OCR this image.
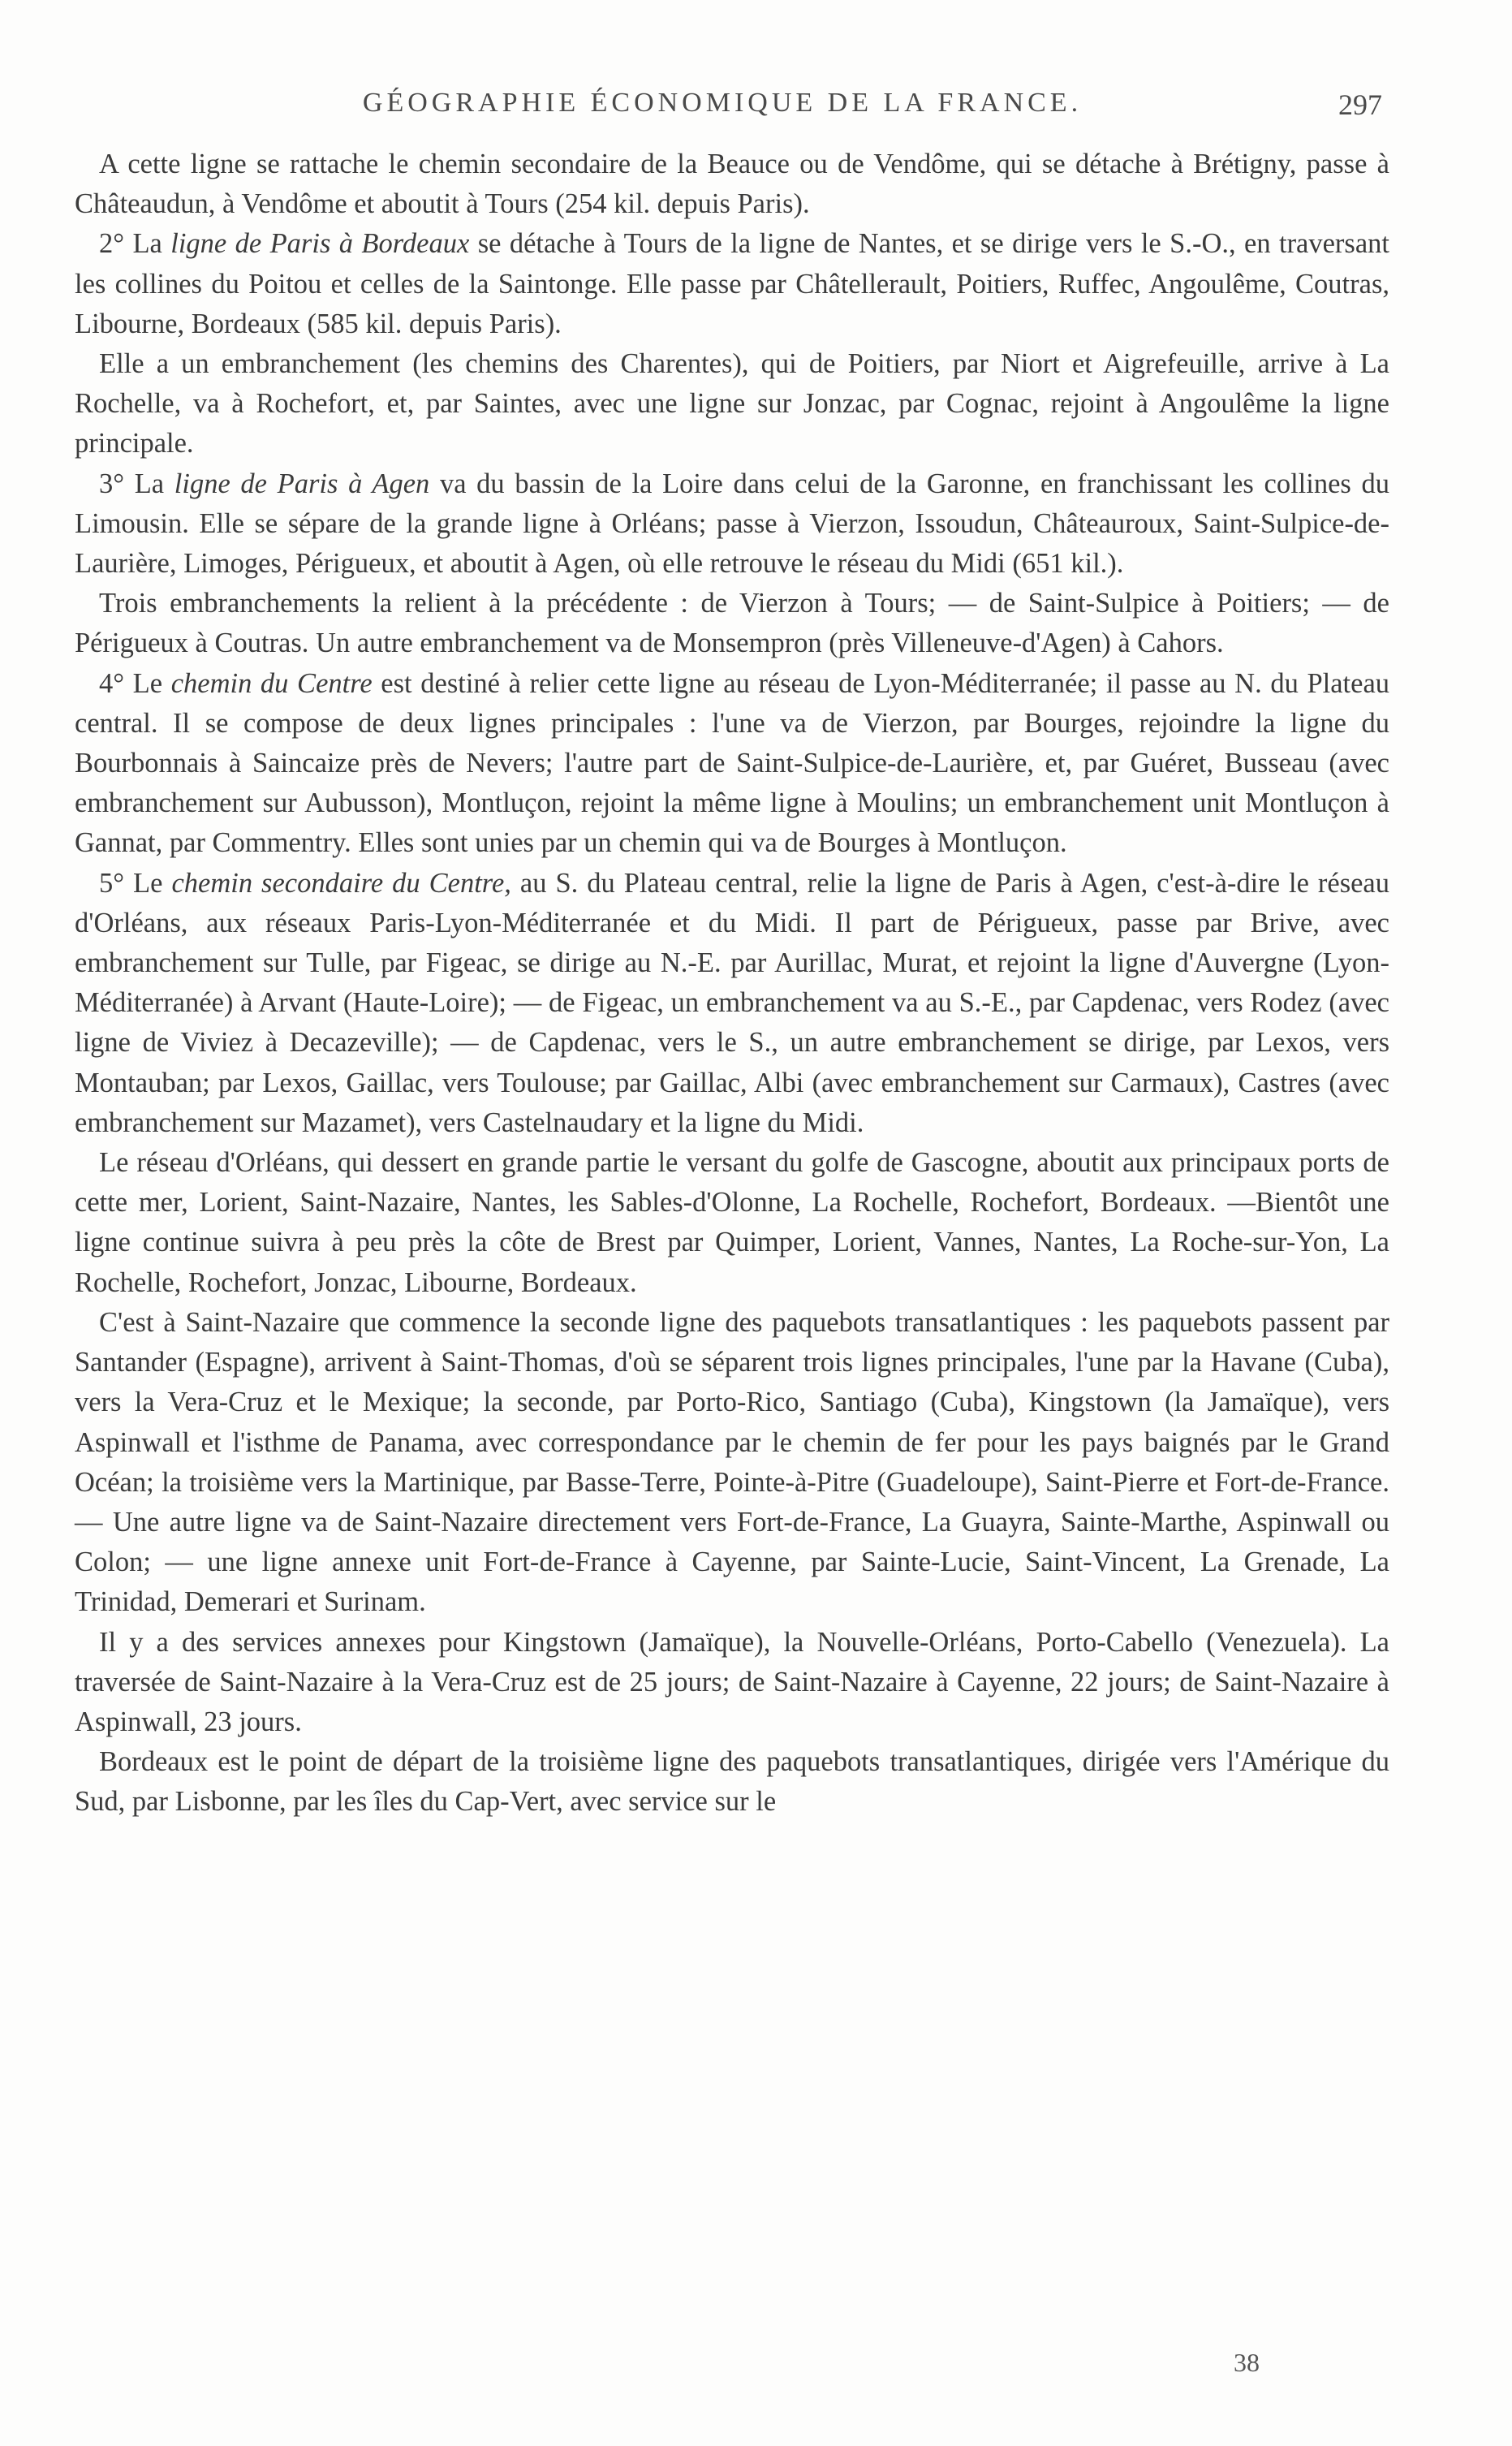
GÉOGRAPHIE ÉCONOMIQUE DE LA FRANCE.	297

A cette ligne se rattache le chemin secondaire de la Beauce ou de Vendôme, qui se détache à Brétigny, passe à Châteaudun, à Vendôme et aboutit à Tours (254 kil. depuis Paris).

2° La ligne de Paris à Bordeaux se détache à Tours de la ligne de Nantes, et se dirige vers le S.-O., en traversant les collines du Poitou et celles de la Saintonge. Elle passe par Châtellerault, Poitiers, Ruffec, Angoulême, Coutras, Libourne, Bordeaux (585 kil. depuis Paris).

Elle a un embranchement (les chemins des Charentes), qui de Poitiers, par Niort et Aigrefeuille, arrive à La Rochelle, va à Rochefort, et, par Saintes, avec une ligne sur Jonzac, par Cognac, rejoint à Angoulême la ligne principale.

3° La ligne de Paris à Agen va du bassin de la Loire dans celui de la Garonne, en franchissant les collines du Limousin. Elle se sépare de la grande ligne à Orléans; passe à Vierzon, Issoudun, Châteauroux, Saint-Sulpice-de-Laurière, Limoges, Périgueux, et aboutit à Agen, où elle retrouve le réseau du Midi (651 kil.).

Trois embranchements la relient à la précédente : de Vierzon à Tours; — de Saint-Sulpice à Poitiers; — de Périgueux à Coutras. Un autre embranchement va de Monsempron (près Villeneuve-d'Agen) à Cahors.

4° Le chemin du Centre est destiné à relier cette ligne au réseau de Lyon-Méditerranée; il passe au N. du Plateau central. Il se compose de deux lignes principales : l'une va de Vierzon, par Bourges, rejoindre la ligne du Bourbonnais à Saincaize près de Nevers; l'autre part de Saint-Sulpice-de-Laurière, et, par Guéret, Busseau (avec embranchement sur Aubusson), Montluçon, rejoint la même ligne à Moulins; un embranchement unit Montluçon à Gannat, par Commentry. Elles sont unies par un chemin qui va de Bourges à Montluçon.

5° Le chemin secondaire du Centre, au S. du Plateau central, relie la ligne de Paris à Agen, c'est-à-dire le réseau d'Orléans, aux réseaux Paris-Lyon-Méditerranée et du Midi. Il part de Périgueux, passe par Brive, avec embranchement sur Tulle, par Figeac, se dirige au N.-E. par Aurillac, Murat, et rejoint la ligne d'Auvergne (Lyon-Méditerranée) à Arvant (Haute-Loire); — de Figeac, un embranchement va au S.-E., par Capdenac, vers Rodez (avec ligne de Viviez à Decazeville); — de Capdenac, vers le S., un autre embranchement se dirige, par Lexos, vers Montauban; par Lexos, Gaillac, vers Toulouse; par Gaillac, Albi (avec embranchement sur Carmaux), Castres (avec embranchement sur Mazamet), vers Castelnaudary et la ligne du Midi.

Le réseau d'Orléans, qui dessert en grande partie le versant du golfe de Gascogne, aboutit aux principaux ports de cette mer, Lorient, Saint-Nazaire, Nantes, les Sables-d'Olonne, La Rochelle, Rochefort, Bordeaux. —Bientôt une ligne continue suivra à peu près la côte de Brest par Quimper, Lorient, Vannes, Nantes, La Roche-sur-Yon, La Rochelle, Rochefort, Jonzac, Libourne, Bordeaux.

C'est à Saint-Nazaire que commence la seconde ligne des paquebots transatlantiques : les paquebots passent par Santander (Espagne), arrivent à Saint-Thomas, d'où se séparent trois lignes principales, l'une par la Havane (Cuba), vers la Vera-Cruz et le Mexique; la seconde, par Porto-Rico, Santiago (Cuba), Kingstown (la Jamaïque), vers Aspinwall et l'isthme de Panama, avec correspondance par le chemin de fer pour les pays baignés par le Grand Océan; la troisième vers la Martinique, par Basse-Terre, Pointe-à-Pitre (Guadeloupe), Saint-Pierre et Fort-de-France. — Une autre ligne va de Saint-Nazaire directement vers Fort-de-France, La Guayra, Sainte-Marthe, Aspinwall ou Colon; — une ligne annexe unit Fort-de-France à Cayenne, par Sainte-Lucie, Saint-Vincent, La Grenade, La Trinidad, Demerari et Surinam.

Il y a des services annexes pour Kingstown (Jamaïque), la Nouvelle-Orléans, Porto-Cabello (Venezuela). La traversée de Saint-Nazaire à la Vera-Cruz est de 25 jours; de Saint-Nazaire à Cayenne, 22 jours; de Saint-Nazaire à Aspinwall, 23 jours.

Bordeaux est le point de départ de la troisième ligne des paquebots transatlantiques, dirigée vers l'Amérique du Sud, par Lisbonne, par les îles du Cap-Vert, avec service sur le

38
